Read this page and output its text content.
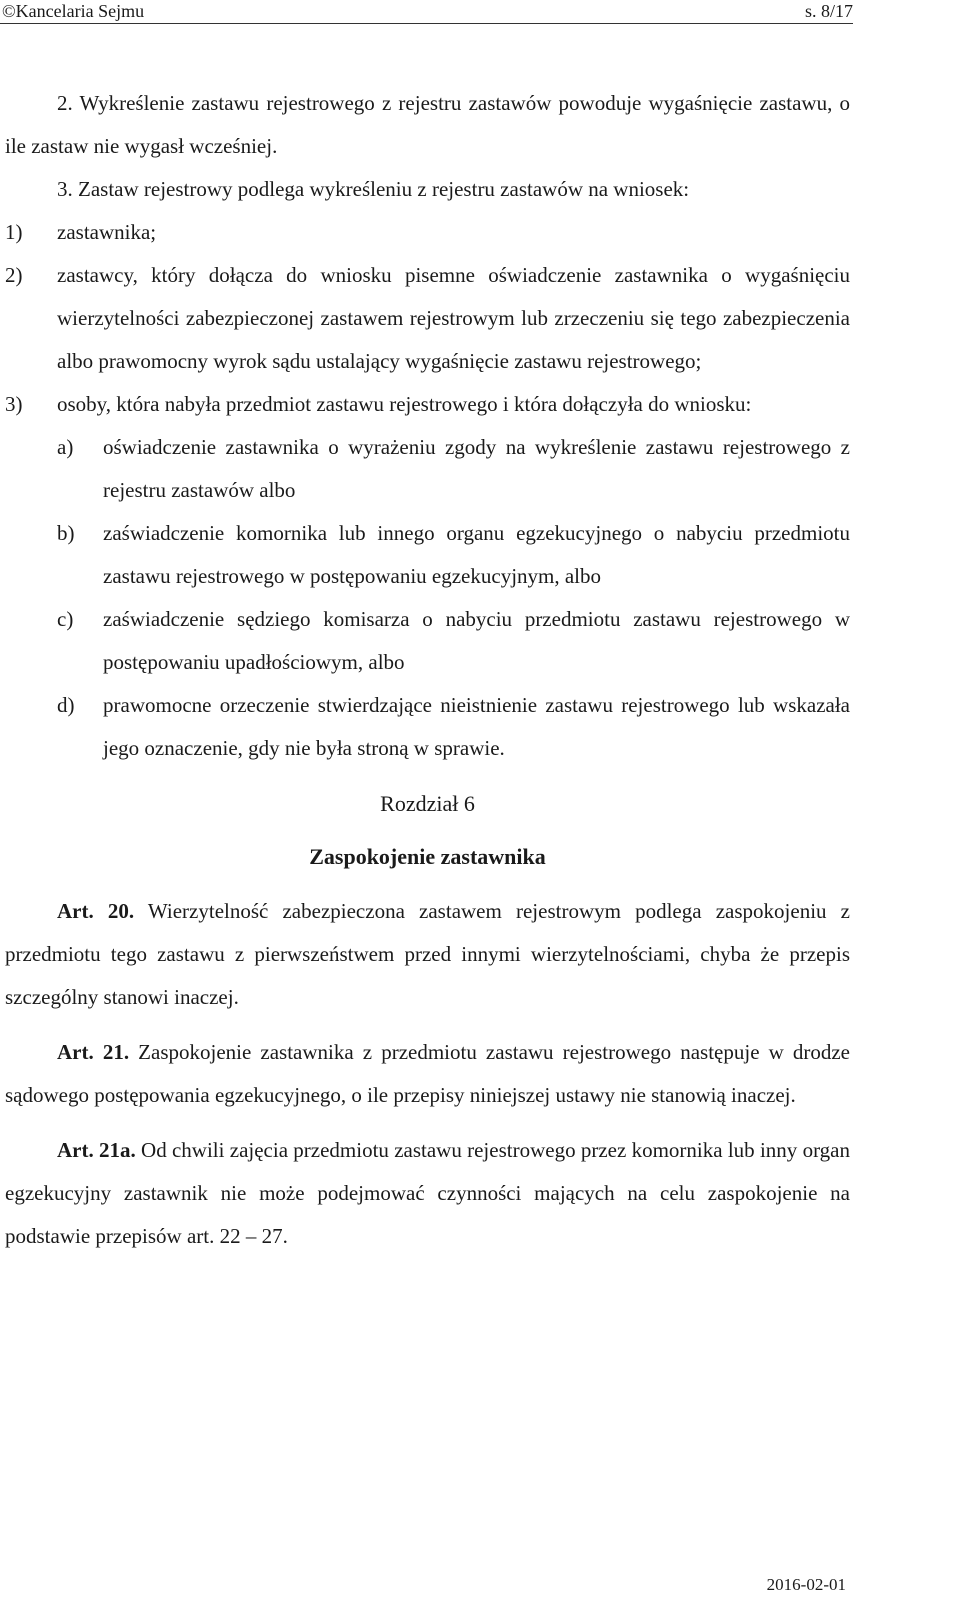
©Kancelaria Sejmu	s. 8/17

2. Wykreślenie zastawu rejestrowego z rejestru zastawów powoduje wygaśnięcie zastawu, o ile zastaw nie wygasł wcześniej.

3. Zastaw rejestrowy podlega wykreśleniu z rejestru zastawów na wniosek:

1) zastawnika;

2) zastawcy, który dołącza do wniosku pisemne oświadczenie zastawnika o wygaśnięciu wierzytelności zabezpieczonej zastawem rejestrowym lub zrzeczeniu się tego zabezpieczenia albo prawomocny wyrok sądu ustalający wygaśnięcie zastawu rejestrowego;

3) osoby, która nabyła przedmiot zastawu rejestrowego i która dołączyła do wniosku:

a) oświadczenie zastawnika o wyrażeniu zgody na wykreślenie zastawu rejestrowego z rejestru zastawów albo

b) zaświadczenie komornika lub innego organu egzekucyjnego o nabyciu przedmiotu zastawu rejestrowego w postępowaniu egzekucyjnym, albo

c) zaświadczenie sędziego komisarza o nabyciu przedmiotu zastawu rejestrowego w postępowaniu upadłościowym, albo

d) prawomocne orzeczenie stwierdzające nieistnienie zastawu rejestrowego lub wskazała jego oznaczenie, gdy nie była stroną w sprawie.

Rozdział 6

Zaspokojenie zastawnika

Art. 20. Wierzytelność zabezpieczona zastawem rejestrowym podlega zaspokojeniu z przedmiotu tego zastawu z pierwszeństwem przed innymi wierzytelnościami, chyba że przepis szczególny stanowi inaczej.

Art. 21. Zaspokojenie zastawnika z przedmiotu zastawu rejestrowego następuje w drodze sądowego postępowania egzekucyjnego, o ile przepisy niniejszej ustawy nie stanowią inaczej.

Art. 21a. Od chwili zajęcia przedmiotu zastawu rejestrowego przez komornika lub inny organ egzekucyjny zastawnik nie może podejmować czynności mających na celu zaspokojenie na podstawie przepisów art. 22 – 27.

2016-02-01
